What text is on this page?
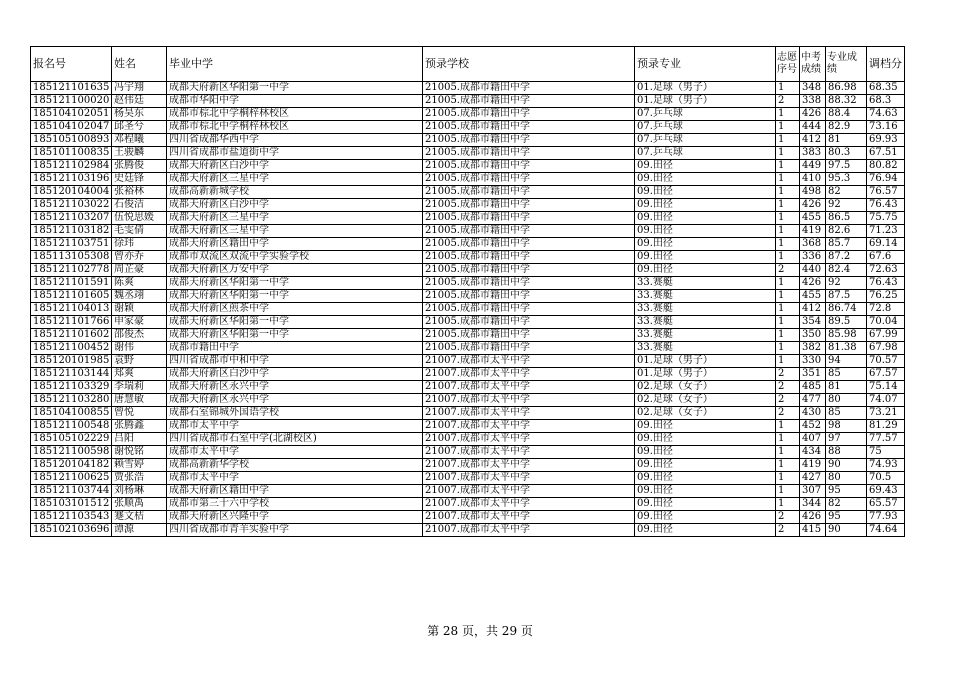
报名号	姓名	毕业中学	预录学校	预录专业	志愿序号	中考成绩	专业成绩	调档分
185121101635	冯宇翔	成都天府新区华阳第一中学	21005.成都市籍田中学	01.足球（男子）	1	348	86.98	68.35
185121100020	赵伟廷	成都市华阳中学	21005.成都市籍田中学	01.足球（男子）	2	338	88.32	68.3
185104102051	杨昊东	成都市棕北中学桐梓林校区	21005.成都市籍田中学	07.乒乓球	1	426	88.4	74.63
185104102047	邱圣兮	成都市棕北中学桐梓林校区	21005.成都市籍田中学	07.乒乓球	1	444	82.9	73.16
185105100893	邓程曦	四川省成都华西中学	21005.成都市籍田中学	07.乒乓球	1	412	81	69.93
185101100835	王骏麟	四川省成都市盐道街中学	21005.成都市籍田中学	07.乒乓球	1	383	80.3	67.51
185121102984	张腾俊	成都天府新区白沙中学	21005.成都市籍田中学	09.田径	1	449	97.5	80.82
185121103196	史廷锋	成都天府新区三星中学	21005.成都市籍田中学	09.田径	1	410	95.3	76.94
185120104004	张裕林	成都高新新城学校	21005.成都市籍田中学	09.田径	1	498	82	76.57
185121103022	石俊洁	成都天府新区白沙中学	21005.成都市籍田中学	09.田径	1	426	92	76.43
185121103207	伍悦思媛	成都天府新区三星中学	21005.成都市籍田中学	09.田径	1	455	86.5	75.75
185121103182	毛雯倩	成都天府新区三星中学	21005.成都市籍田中学	09.田径	1	419	82.6	71.23
185121103751	徐玮	成都天府新区籍田中学	21005.成都市籍田中学	09.田径	1	368	85.7	69.14
185113105308	曾亦乔	成都市双流区双流中学实验学校	21005.成都市籍田中学	09.田径	1	336	87.2	67.6
185121102778	周芷豪	成都天府新区万安中学	21005.成都市籍田中学	09.田径	2	440	82.4	72.63
185121101591	陈爽	成都天府新区华阳第一中学	21005.成都市籍田中学	33.赛艇	1	426	92	76.43
185121101605	魏丞翊	成都天府新区华阳第一中学	21005.成都市籍田中学	33.赛艇	1	455	87.5	76.25
185121104013	谢颖	成都天府新区煎茶中学	21005.成都市籍田中学	33.赛艇	1	412	86.74	72.8
185121101766	申家豪	成都天府新区华阳第一中学	21005.成都市籍田中学	33.赛艇	1	354	89.5	70.04
185121101602	邵俊杰	成都天府新区华阳第一中学	21005.成都市籍田中学	33.赛艇	1	350	85.98	67.99
185121100452	谢伟	成都市籍田中学	21005.成都市籍田中学	33.赛艇	1	382	81.38	67.98
185120101985	袁野	四川省成都市中和中学	21007.成都市太平中学	01.足球（男子）	1	330	94	70.57
185121103144	郑爽	成都天府新区白沙中学	21007.成都市太平中学	01.足球（男子）	2	351	85	67.57
185121103329	李瑞莉	成都天府新区永兴中学	21007.成都市太平中学	02.足球（女子）	2	485	81	75.14
185121103280	唐慧敏	成都天府新区永兴中学	21007.成都市太平中学	02.足球（女子）	2	477	80	74.07
185104100855	曾悦	成都石室锦城外国语学校	21007.成都市太平中学	02.足球（女子）	2	430	85	73.21
185121100548	张腾鑫	成都市太平中学	21007.成都市太平中学	09.田径	1	452	98	81.29
185105102229	吕阳	四川省成都市石室中学(北湖校区)	21007.成都市太平中学	09.田径	1	407	97	77.57
185121100598	谢悦铭	成都市太平中学	21007.成都市太平中学	09.田径	1	434	88	75
185120104182	赖雪婷	成都高新新华学校	21007.成都市太平中学	09.田径	1	419	90	74.93
185121100625	贾张浩	成都市太平中学	21007.成都市太平中学	09.田径	1	427	80	70.5
185121103744	刘杨琳	成都天府新区籍田中学	21007.成都市太平中学	09.田径	1	307	95	69.43
185103101512	张顺禹	成都市第三十六中学校	21007.成都市太平中学	09.田径	1	344	82	65.57
185121103543	蹇文桔	成都天府新区兴隆中学	21007.成都市太平中学	09.田径	2	426	95	77.93
185102103696	谭源	四川省成都市青羊实验中学	21007.成都市太平中学	09.田径	2	415	90	74.64
第 28 页，共 29 页
